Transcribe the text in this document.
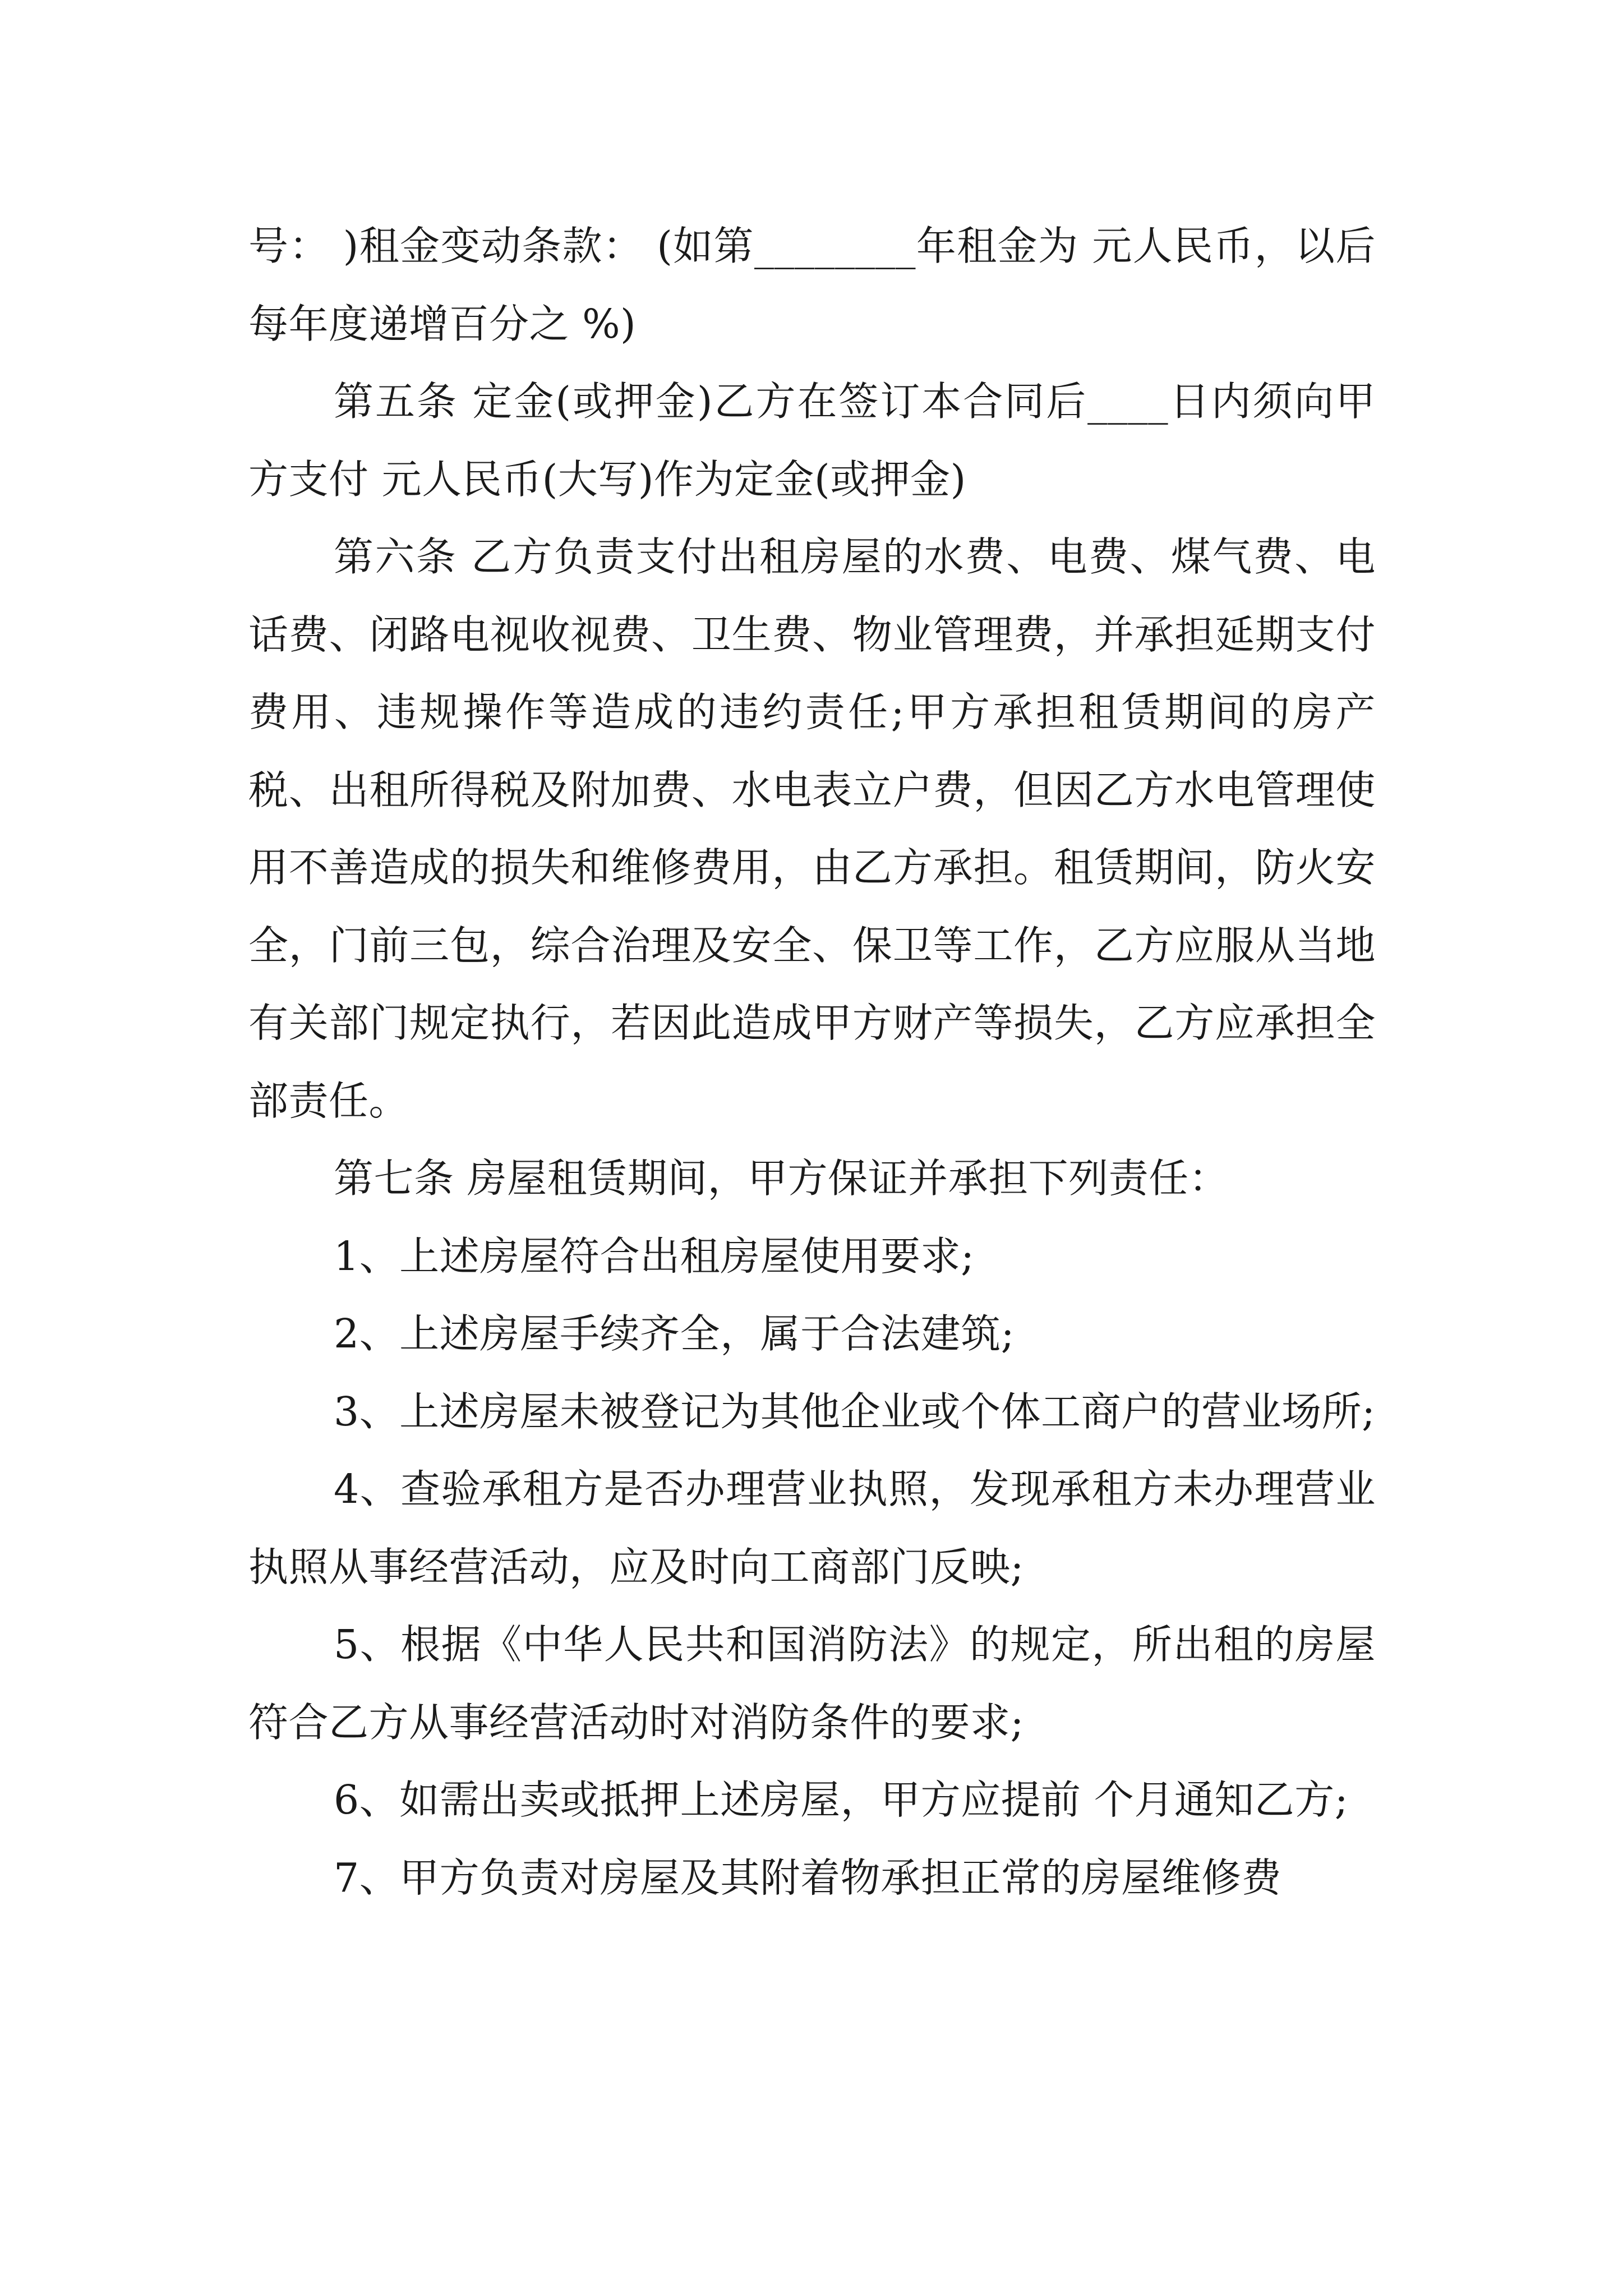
号： )租金变动条款： (如第________年租金为 元人民币，以后每年度递增百分之 %)

第五条 定金(或押金)乙方在签订本合同后____日内须向甲方支付 元人民币(大写)作为定金(或押金)

第六条 乙方负责支付出租房屋的水费、电费、煤气费、电话费、闭路电视收视费、卫生费、物业管理费，并承担延期支付费用、违规操作等造成的违约责任;甲方承担租赁期间的房产税、出租所得税及附加费、水电表立户费，但因乙方水电管理使用不善造成的损失和维修费用，由乙方承担。租赁期间，防火安全，门前三包，综合治理及安全、保卫等工作，乙方应服从当地有关部门规定执行，若因此造成甲方财产等损失，乙方应承担全部责任。

第七条 房屋租赁期间，甲方保证并承担下列责任：

1、上述房屋符合出租房屋使用要求;

2、上述房屋手续齐全，属于合法建筑;

3、上述房屋未被登记为其他企业或个体工商户的营业场所;

4、查验承租方是否办理营业执照，发现承租方未办理营业执照从事经营活动，应及时向工商部门反映;

5、根据《中华人民共和国消防法》的规定，所出租的房屋符合乙方从事经营活动时对消防条件的要求;

6、如需出卖或抵押上述房屋，甲方应提前 个月通知乙方;

7、甲方负责对房屋及其附着物承担正常的房屋维修费
